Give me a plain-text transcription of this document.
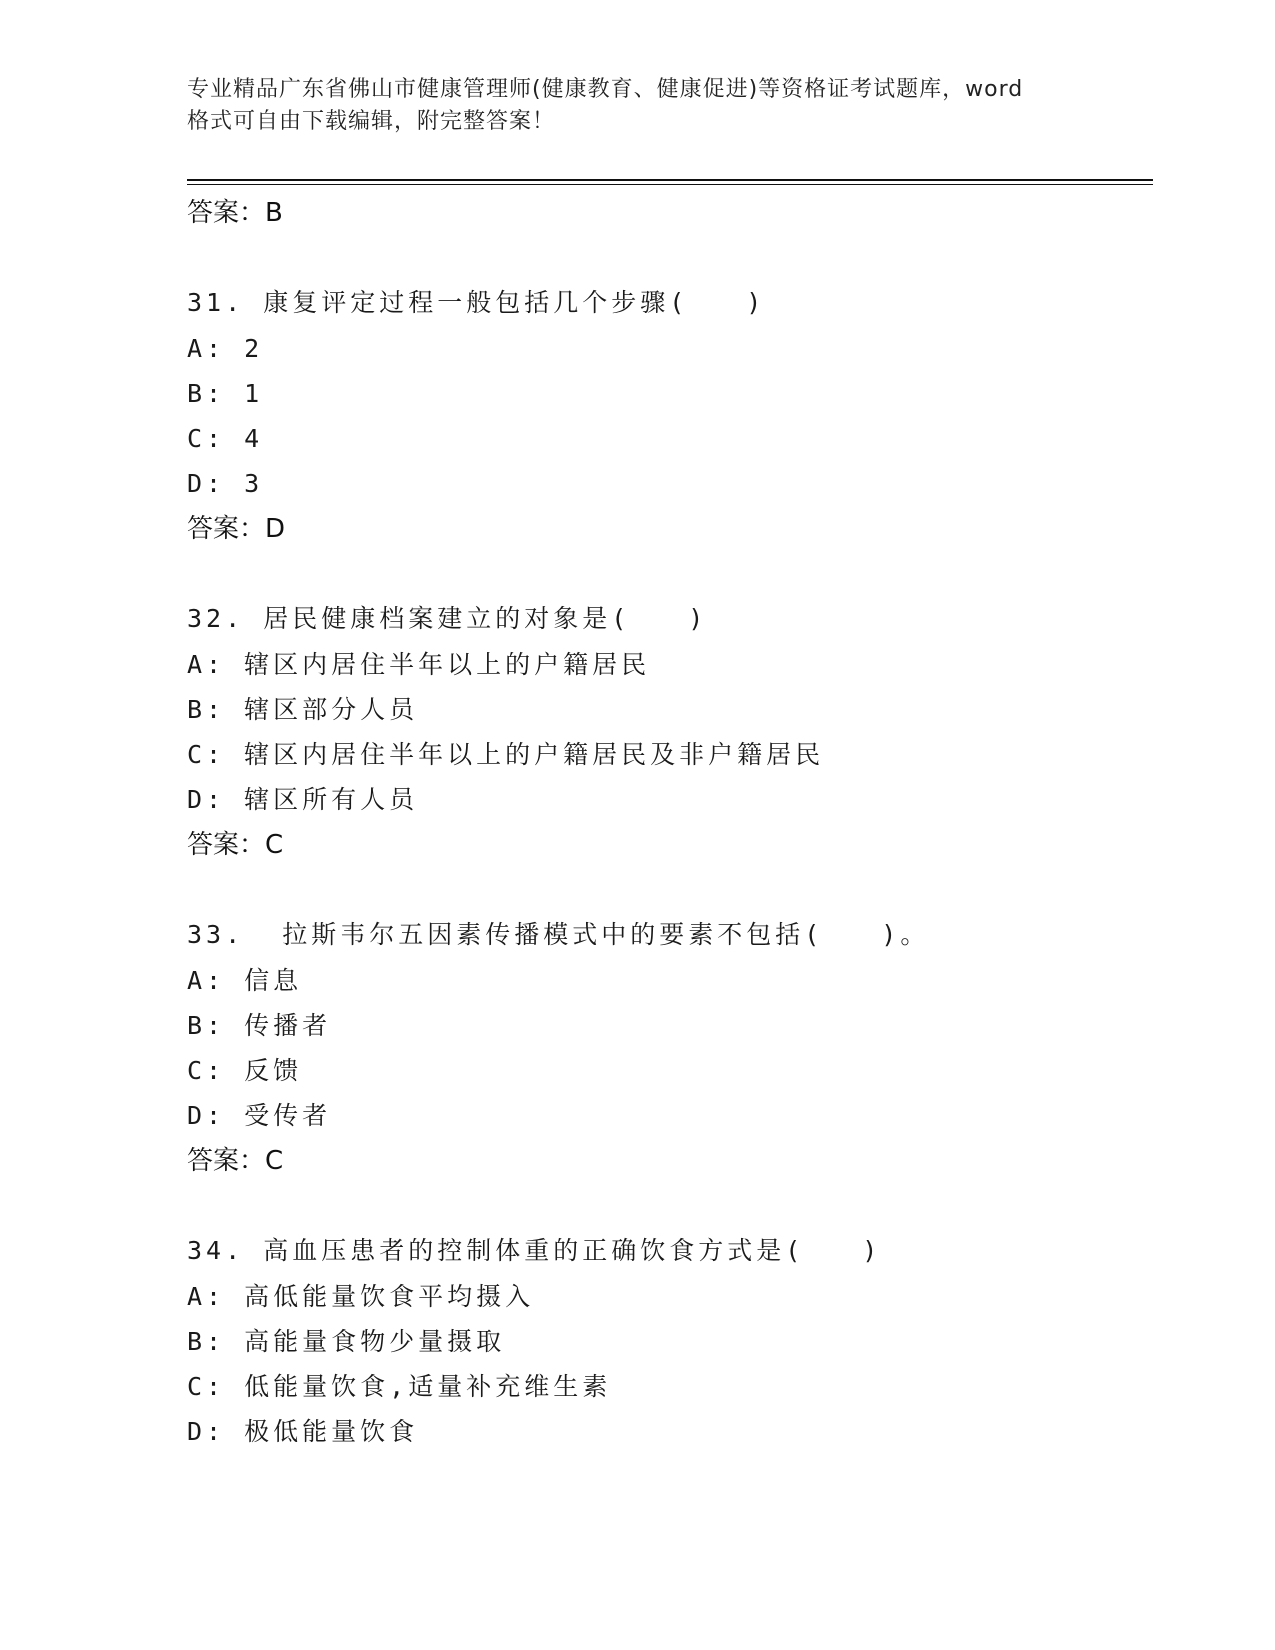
专业精品广东省佛山市健康管理师(健康教育、健康促进)等资格证考试题库，word
格式可自由下载编辑，附完整答案！
答案：B
31. 康复评定过程一般包括几个步骤(　　)
A: 2
B: 1
C: 4
D: 3
答案：D
32. 居民健康档案建立的对象是(　　)
A: 辖区内居住半年以上的户籍居民
B: 辖区部分人员
C: 辖区内居住半年以上的户籍居民及非户籍居民
D: 辖区所有人员
答案：C
33.  拉斯韦尔五因素传播模式中的要素不包括(　　)。
A: 信息
B: 传播者
C: 反馈
D: 受传者
答案：C
34. 高血压患者的控制体重的正确饮食方式是(　　)
A: 高低能量饮食平均摄入
B: 高能量食物少量摄取
C: 低能量饮食,适量补充维生素
D: 极低能量饮食
